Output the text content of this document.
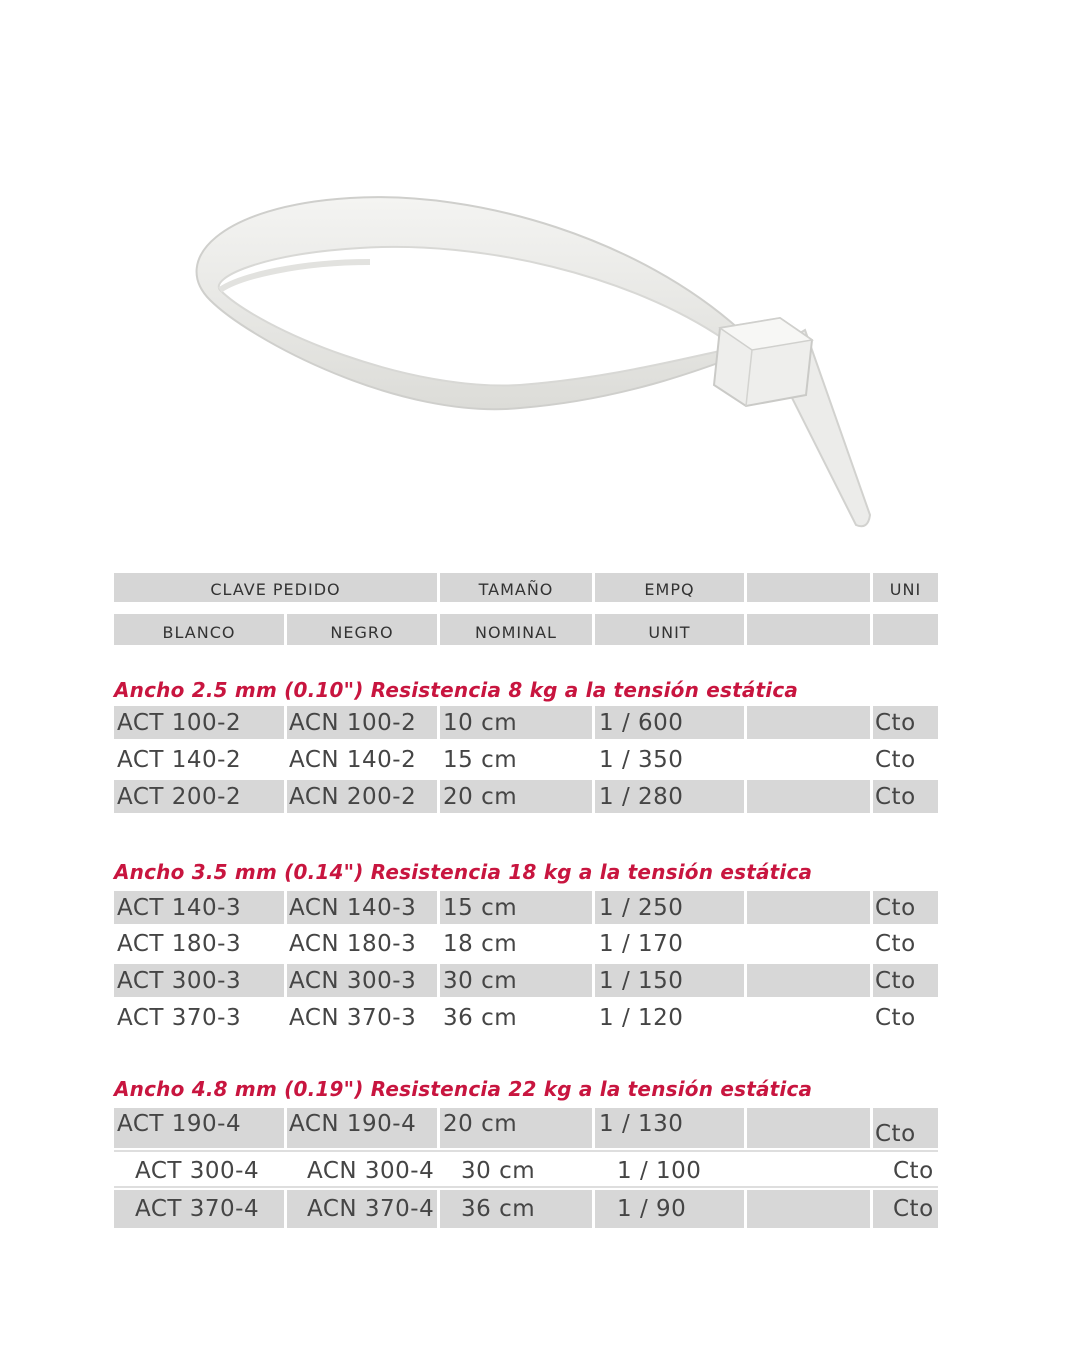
CLAVE PEDIDO	TAMAÑO	EMPQ	UNI
BLANCO	NEGRO	NOMINAL	UNIT
Ancho 2.5 mm (0.10") Resistencia 8 kg a la tensión estática
ACT 100-2 ACN 100-2 10 cm	1 / 600	Cto
ACT 140-2 ACN 140-2 15 cm	1 / 350	Cto
ACT 200-2 ACN 200-2 20 cm	1 / 280	Cto
Ancho 3.5 mm (0.14") Resistencia 18 kg a la tensión estática
ACT 140-3 ACN 140-3 15 cm	1 / 250	Cto
ACT 180-3 ACN 180-3 18 cm	1 / 170	Cto
ACT 300-3 ACN 300-3 30 cm	1 / 150	Cto
ACT 370-3 ACN 370-3 36 cm	1 / 120	Cto
Ancho 4.8 mm (0.19") Resistencia 22 kg a la tensión estática
ACT 190-4 ACN 190-4 20 cm	1 / 130	Cto
ACT 300-4 ACN 300-4 30 cm	1 / 100	Cto
ACT 370-4 ACN 370-4 36 cm	1 / 90	Cto
